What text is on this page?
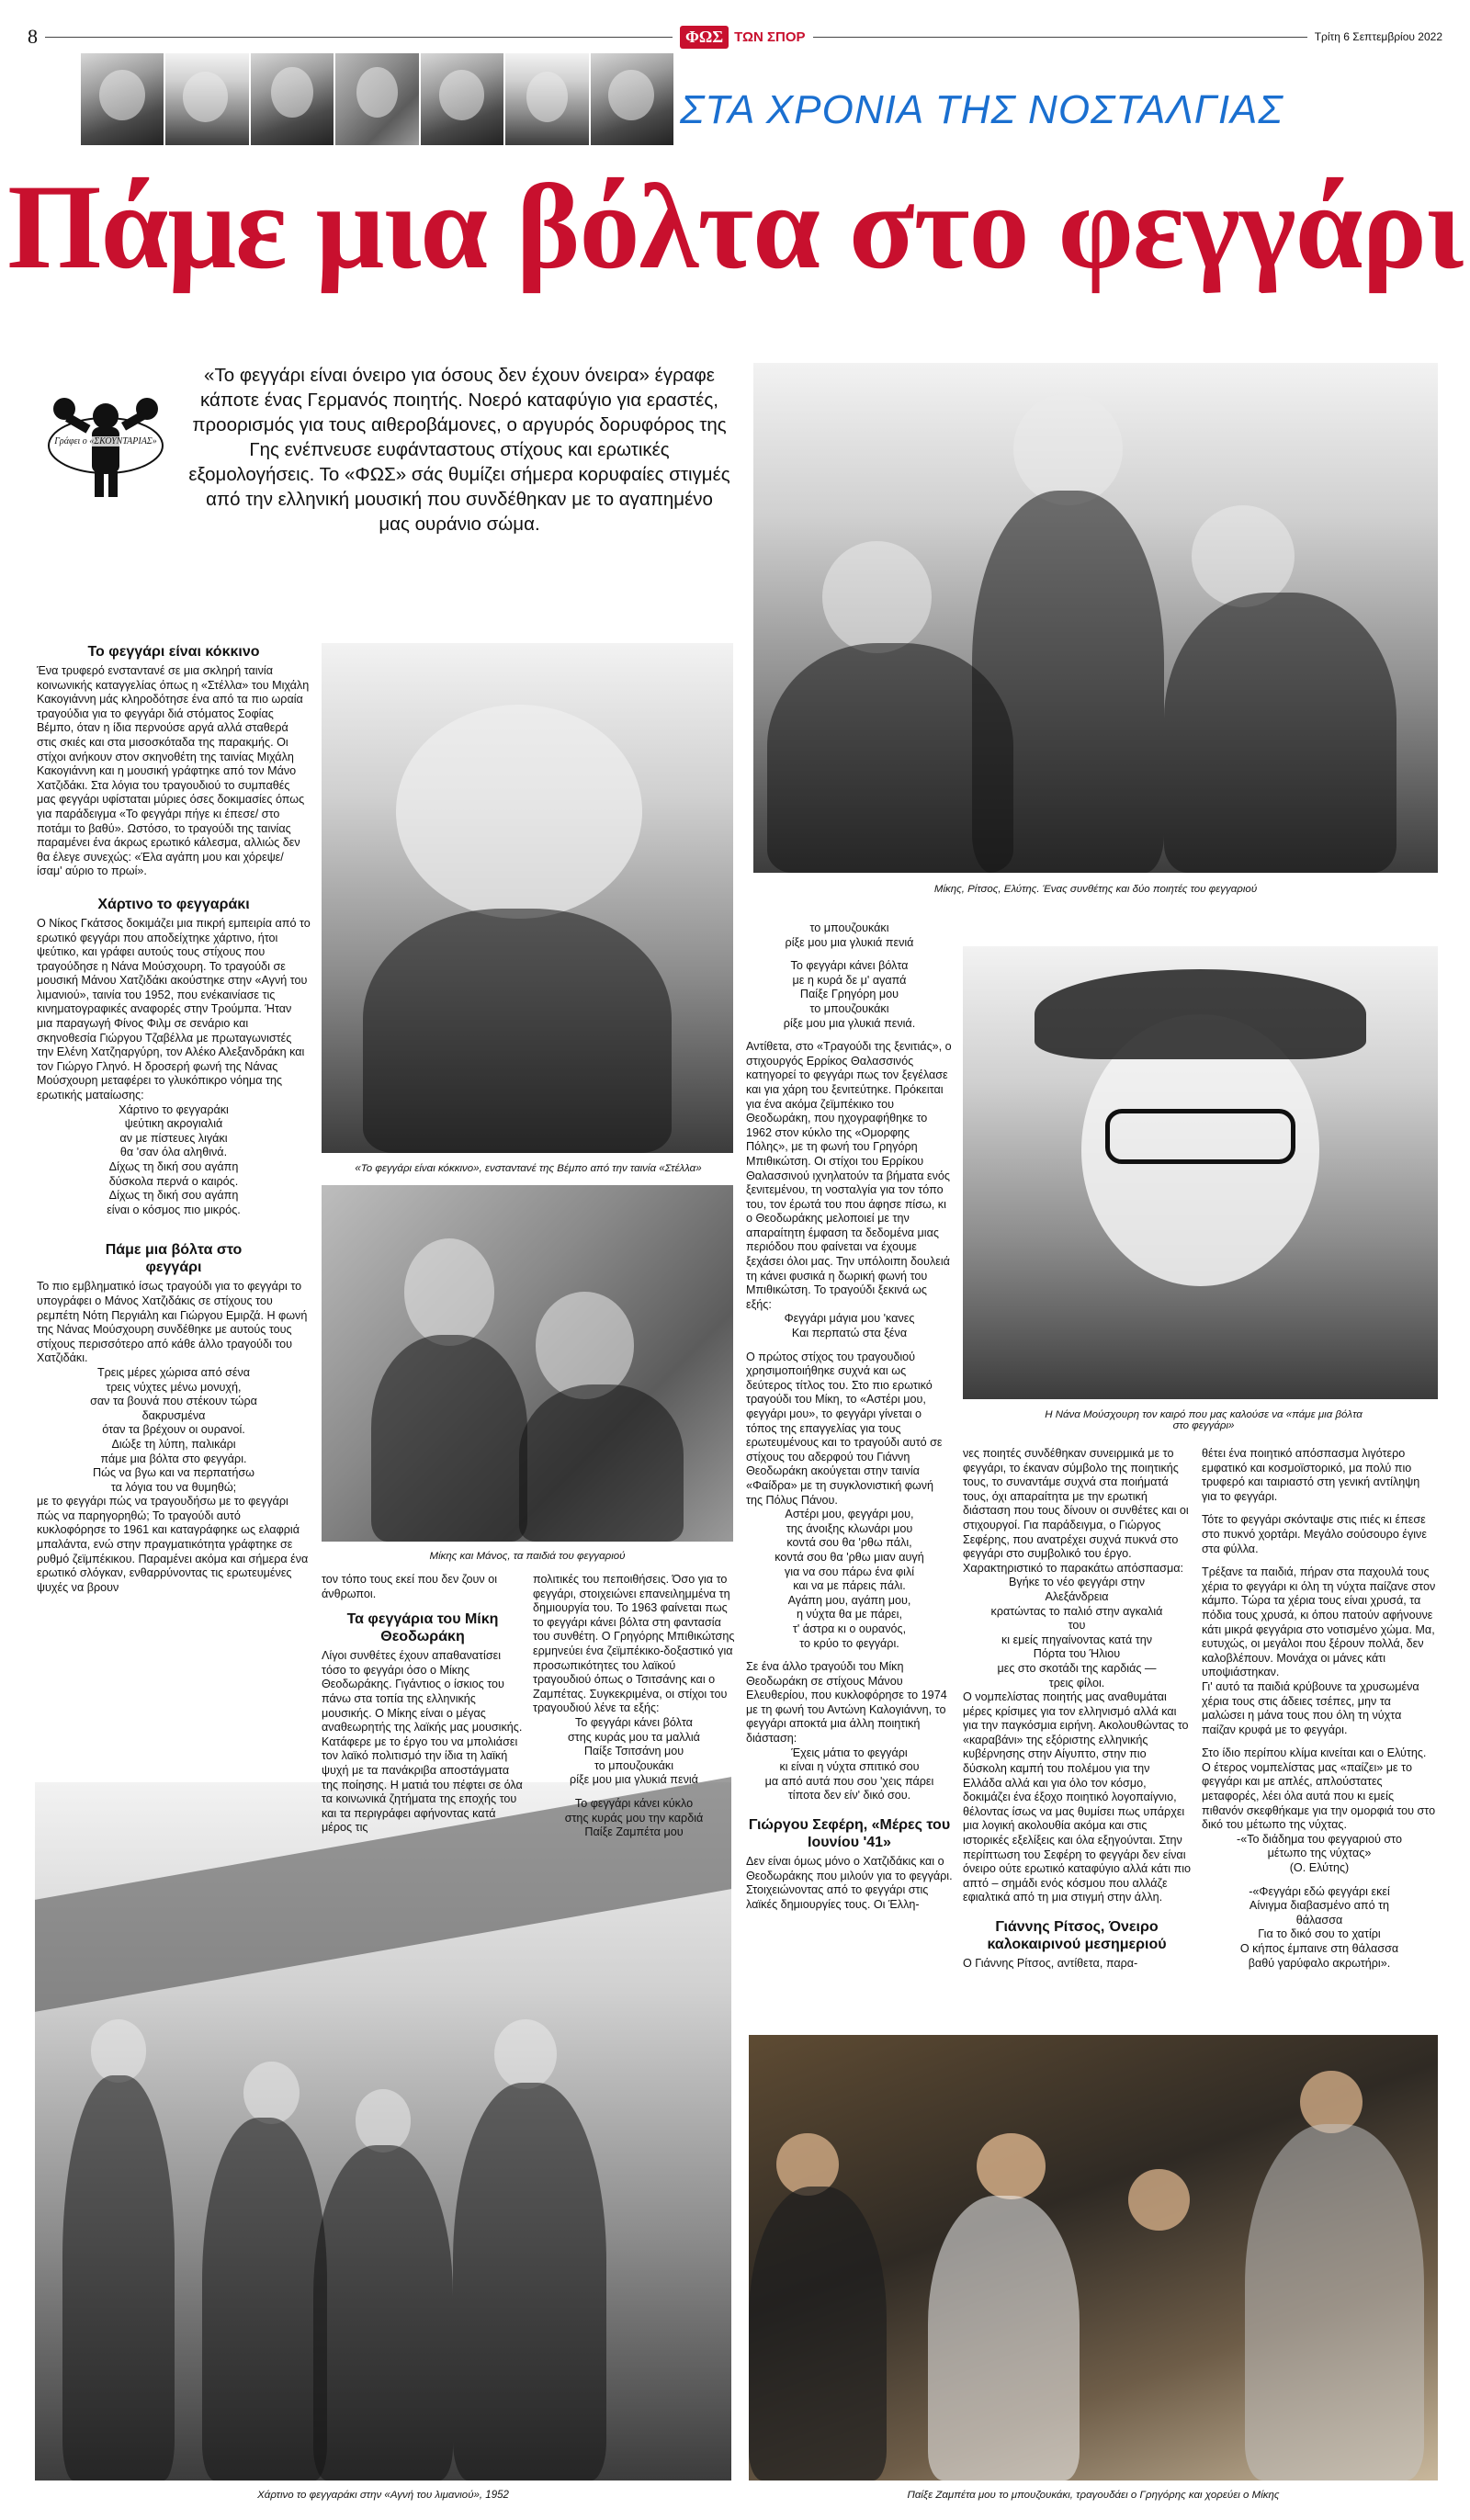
8	ΦΩΣ ΤΩΝ ΣΠΟΡ	Τρίτη 6 Σεπτεμβρίου 2022
ΣΤΑ ΧΡΟΝΙΑ ΤΗΣ ΝΟΣΤΑΛΓΙΑΣ
Πάμε μια βόλτα στο φεγγάρι
Γράφει ο «ΣΚΟΥΝΤΑΡΙΑΣ»
«Το φεγγάρι είναι όνειρο για όσους δεν έχουν όνειρα» έγραφε κάποτε ένας Γερμανός ποιητής. Νοερό καταφύγιο για εραστές, προορισμός για τους αιθεροβάμονες, ο αργυρός δορυφόρος της Γης ενέπνευσε ευφάνταστους στίχους και ερωτικές εξομολογήσεις. Το «ΦΩΣ» σάς θυμίζει σήμερα κορυφαίες στιγμές από την ελληνική μουσική που συνδέθηκαν με το αγαπημένο μας ουράνιο σώμα.
«Το φεγγάρι είναι κόκκινο», ενσταντανέ της Βέμπο από την ταινία «Στέλλα»
Μίκης, Ρίτσος, Ελύτης. Ένας συνθέτης και δύο ποιητές του φεγγαριού
Η Νάνα Μούσχουρη τον καιρό που μας καλούσε να «πάμε μια βόλτα στο φεγγάρι»
Μίκης και Μάνος, τα παιδιά του φεγγαριού
Χάρτινο το φεγγαράκι στην «Αγνή του λιμανιού», 1952	Παίξε Ζαμπέτα μου το μπουζουκάκι, τραγουδάει ο Γρηγόρης και χορεύει ο Μίκης
Το φεγγάρι είναι κόκκινο

Ένα τρυφερό ενσταντανέ σε μια σκληρή ταινία κοινωνικής καταγγελίας όπως η «Στέλλα» του Μιχάλη Κακογιάννη μάς κληροδότησε ένα από τα πιο ωραία τραγούδια για το φεγγάρι διά στόματος Σοφίας Βέμπο, όταν η ίδια περνούσε αργά αλλά σταθερά στις σκιές και στα μισοσκόταδα της παρακμής. Οι στίχοι ανήκουν στον σκηνοθέτη της ταινίας Μιχάλη Κακογιάννη και η μουσική γράφτηκε από τον Μάνο Χατζιδάκι. Στα λόγια του τραγουδιού το συμπαθές μας φεγγάρι υφίσταται μύριες όσες δοκιμασίες όπως για παράδειγμα «Το φεγγάρι πήγε κι έπεσε/ στο ποτάμι το βαθύ». Ωστόσο, το τραγούδι της ταινίας παραμένει ένα άκρως ερωτικό κάλεσμα, αλλιώς δεν θα έλεγε συνεχώς: «Έλα αγάπη μου και χόρεψε/ ίσαμ' αύριο το πρωί».

Χάρτινο το φεγγαράκι

Ο Νίκος Γκάτσος δοκιμάζει μια πικρή εμπειρία από το ερωτικό φεγγάρι που αποδείχτηκε χάρτινο, ήτοι ψεύτικο, και γράφει αυτούς τους στίχους που τραγούδησε η Νάνα Μούσχουρη. Το τραγούδι σε μουσική Μάνου Χατζιδάκι ακούστηκε στην «Αγνή του λιμανιού», ταινία του 1952, που ενέκαινίασε τις κινηματογραφικές αναφορές στην Τρούμπα. Ήταν μια παραγωγή Φίνος Φιλμ σε σενάριο και σκηνοθεσία Γιώργου Τζαβέλλα με πρωταγωνιστές την Ελένη Χατζηαργύρη, τον Αλέκο Αλεξανδράκη και τον Γιώργο Γληνό. Η δροσερή φωνή της Νάνας Μούσχουρη μεταφέρει το γλυκόπικρο νόημα της ερωτικής ματαίωσης:

Χάρτινο το φεγγαράκι
ψεύτικη ακρογιαλιά
αν με πίστευες λιγάκι
θα 'σαν όλα αληθινά.
Δίχως τη δική σου αγάπη
δύσκολα περνά ο καιρός.
Δίχως τη δική σου αγάπη
είναι ο κόσμος πιο μικρός.
Πάμε μια βόλτα στο φεγγάρι

Το πιο εμβληματικό ίσως τραγούδι για το φεγγάρι το υπογράφει ο Μάνος Χατζιδάκις σε στίχους του ρεμπέτη Νότη Περγιάλη και Γιώργου Εμιρζά. Η φωνή της Νάνας Μούσχουρη συνδέθηκε με αυτούς τους στίχους περισσότερο από κάθε άλλο τραγούδι του Χατζιδάκι.

Τρεις μέρες χώρισα από σένα
τρεις νύχτες μένω μονυχή,
σαν τα βουνά που στέκουν τώρα
δακρυσμένα
όταν τα βρέχουν οι ουρανοί.
Διώξε τη λύπη, παλικάρι
πάμε μια βόλτα στο φεγγάρι.
Πώς να βγω και να περπατήσω
τα λόγια του να θυμηθώ;

με το φεγγάρι πώς να τραγουδήσω με το φεγγάρι πώς να παρηγορηθώ; Το τραγούδι αυτό κυκλοφόρησε το 1961 και καταγράφηκε ως ελαφριά μπαλάντα, ενώ στην πραγματικότητα γράφτηκε σε ρυθμό ζεϊμπέκικου. Παραμένει ακόμα και σήμερα ένα ερωτικό σλόγκαν, ενθαρρύνοντας τις ερωτευμένες ψυχές να βρουν

τον τόπο τους εκεί που δεν ζουν οι άνθρωποι.

Τα φεγγάρια του Μίκη Θεοδωράκη

Λίγοι συνθέτες έχουν απαθανατίσει τόσο το φεγγάρι όσο ο Μίκης Θεοδωράκης. Γιγάντιος ο ίσκιος του πάνω στα τοπία της ελληνικής μουσικής. Ο Μίκης είναι ο μέγας αναθεωρητής της λαϊκής μας μουσικής. Κατάφερε με το έργο του να μπολιάσει τον λαϊκό πολιτισμό την ίδια τη λαϊκή ψυχή με τα πανάκριβα αποστάγματα της ποίησης. Η ματιά του πέφτει σε όλα τα κοινωνικά ζητήματα της εποχής του και τα περιγράφει αφήνοντας κατά μέρος τις

πολιτικές του πεποιθήσεις. Όσο για το φεγγάρι, στοιχειώνει επανειλημμένα τη δημιουργία του. Το 1963 φαίνεται πως το φεγγάρι κάνει βόλτα στη φαντασία του συνθέτη. Ο Γρηγόρης Μπιθικώτσης ερμηνεύει ένα ζεϊμπέκικο-δοξαστικό για προσωπικότητες του λαϊκού τραγουδιού όπως ο Τσιτσάνης και ο Ζαμπέτας. Συγκεκριμένα, οι στίχοι του τραγουδιού λένε τα εξής:

Το φεγγάρι κάνει βόλτα
στης κυράς μου τα μαλλιά
Παίξε Τσιτσάνη μου
το μπουζουκάκι
ρίξε μου μια γλυκιά πενιά
Το φεγγάρι κάνει κύκλο
στης κυράς μου την καρδιά
Παίξε Ζαμπέτα μου
το μπουζουκάκι
ρίξε μου μια γλυκιά πενιά
Το φεγγάρι κάνει βόλτα
με η κυρά δε μ' αγαπά
Παίξε Γρηγόρη μου
το μπουζουκάκι
ρίξε μου μια γλυκιά πενιά.

Αντίθετα, στο «Τραγούδι της ξενιτιάς», ο στιχουργός Ερρίκος Θαλασσινός κατηγορεί το φεγγάρι πως τον ξεγέλασε και για χάρη του ξενιτεύτηκε. Πρόκειται για ένα ακόμα ζεϊμπέκικο του Θεοδωράκη, που ηχογραφήθηκε το 1962 στον κύκλο της «Ομορφης Πόλης», με τη φωνή του Γρηγόρη Μπιθικώτση. Οι στίχοι του Ερρίκου Θαλασσινού ιχνηλατούν τα βήματα ενός ξενιτεμένου, τη νοσταλγία για τον τόπο του, τον έρωτά του που άφησε πίσω, κι ο Θεοδωράκης μελοποιεί με την απαραίτητη έμφαση τα δεδομένα μιας περιόδου που φαίνεται να έχουμε ξεχάσει όλοι μας. Την υπόλοιπη δουλειά τη κάνει φυσικά η δωρική φωνή του Μπιθικώτση. Το τραγούδι ξεκινά ως εξής:

Φεγγάρι μάγια μου 'κανες
Και περπατώ στα ξένα

Ο πρώτος στίχος του τραγουδιού χρησιμοποιήθηκε συχνά και ως δεύτερος τίτλος του. Στο πιο ερωτικό τραγούδι του Μίκη, το «Αστέρι μου, φεγγάρι μου», το φεγγάρι γίνεται ο τόπος της επαγγελίας για τους ερωτευμένους και το τραγούδι αυτό σε στίχους του αδερφού του Γιάννη Θεοδωράκη ακούγεται στην ταινία «Φαίδρα» με τη συγκλονιστική φωνή της Πόλυς Πάνου.

Αστέρι μου, φεγγάρι μου,
της άνοιξης κλωνάρι μου
κοντά σου θα 'ρθω πάλι,
κοντά σου θα 'ρθω μιαν αυγή
για να σου πάρω ένα φιλί
και να με πάρεις πάλι.
Αγάπη μου, αγάπη μου,
η νύχτα θα με πάρει,
τ' άστρα κι ο ουρανός,
το κρύο το φεγγάρι.

Σε ένα άλλο τραγούδι του Μίκη Θεοδωράκη σε στίχους Μάνου Ελευθερίου, που κυκλοφόρησε το 1974 με τη φωνή του Αντώνη Καλογιάννη, το φεγγάρι αποκτά μια άλλη ποιητική διάσταση:

Έχεις μάτια το φεγγάρι
κι είναι η νύχτα σπιτικό σου
μα από αυτά που σου 'χεις πάρει
τίποτα δεν είν' δικό σου.
Γιώργου Σεφέρη, «Μέρες του Ιουνίου '41»

Δεν είναι όμως μόνο ο Χατζιδάκις και ο Θεοδωράκης που μιλούν για το φεγγάρι. Στοιχειώνοντας από το φεγγάρι στις λαϊκές δημιουργίες τους. Οι Έλλη-

νες ποιητές συνδέθηκαν συνειρμικά με το φεγγάρι, το έκαναν σύμβολο της ποιητικής τους, το συναντάμε συχνά στα ποιήματά τους, όχι απαραίτητα με την ερωτική διάσταση που τους δίνουν οι συνθέτες και οι στιχουργοί. Για παράδειγμα, ο Γιώργος Σεφέρης, που ανατρέχει συχνά πυκνά στο φεγγάρι στο συμβολικό του έργο. Χαρακτηριστικό το παρακάτω απόσπασμα:

Βγήκε το νέο φεγγάρι στην
Αλεξάνδρεια
κρατώντας το παλιό στην αγκαλιά
του
κι εμείς πηγαίνοντας κατά την
Πόρτα του Ήλιου
μες στο σκοτάδι της καρδιάς —
τρεις φίλοι.

Ο νομπελίστας ποιητής μας αναθυμάται μέρες κρίσιμες για τον ελληνισμό αλλά και για την παγκόσμια ειρήνη. Ακολουθώντας το «καραβάνι» της εξόριστης ελληνικής κυβέρνησης στην Αίγυπτο, στην πιο δύσκολη καμπή του πολέμου για την Ελλάδα αλλά και για όλο τον κόσμο, δοκιμάζει ένα έξοχο ποιητικό λογοπαίγνιο, θέλοντας ίσως να μας θυμίσει πως υπάρχει μια λογική ακολουθία ακόμα και στις ιστορικές εξελίξεις και όλα εξηγούνται. Στην περίπτωση του Σεφέρη το φεγγάρι δεν είναι όνειρο ούτε ερωτικό καταφύγιο αλλά κάτι πιο απτό – σημάδι ενός κόσμου που αλλάζε εφιαλτικά από τη μια στιγμή στην άλλη.

Γιάννης Ρίτσος, Όνειρο καλοκαιρινού μεσημεριού

Ο Γιάννης Ρίτσος, αντίθετα, παρα-

θέτει ένα ποιητικό απόσπασμα λιγότερο εμφατικό και κοσμοϊστορικό, μα πολύ πιο τρυφερό και ταιριαστό στη γενική αντίληψη για το φεγγάρι.

Τότε το φεγγάρι σκόνταψε στις ιτιές κι έπεσε στο πυκνό χορτάρι. Μεγάλο σούσουρο έγινε στα φύλλα.

Τρέξανε τα παιδιά, πήραν στα παχουλά τους χέρια το φεγγάρι κι όλη τη νύχτα παίζανε στον κάμπο. Τώρα τα χέρια τους είναι χρυσά, τα πόδια τους χρυσά, κι όπου πατούν αφήνουνε κάτι μικρά φεγγάρια στο νοτισμένο χώμα. Μα, ευτυχώς, οι μεγάλοι που ξέρουν πολλά, δεν καλοβλέπουν. Μονάχα οι μάνες κάτι υποψιάστηκαν.

Γι' αυτό τα παιδιά κρύβουνε τα χρυσωμένα χέρια τους στις άδειες τσέπες, μην τα μαλώσει η μάνα τους που όλη τη νύχτα παίζαν κρυφά με το φεγγάρι.

Στο ίδιο περίπου κλίμα κινείται και ο Ελύτης. Ο έτερος νομπελίστας μας «παίζει» με το φεγγάρι και με απλές, απλούστατες μεταφορές, λέει όλα αυτά που κι εμείς πιθανόν σκεφθήκαμε για την ομορφιά του στο δικό του μέτωπο της νύχτας.

-«Το διάδημα του φεγγαριού στο
μέτωπο της νύχτας»
(Ο. Ελύτης)
-«Φεγγάρι εδώ φεγγάρι εκεί
Αίνιγμα διαβασμένο από τη
θάλασσα
Για το δικό σου το χατίρι
Ο κήπος έμπαινε στη θάλασσα
βαθύ γαρύφαλο ακρωτήρι».
